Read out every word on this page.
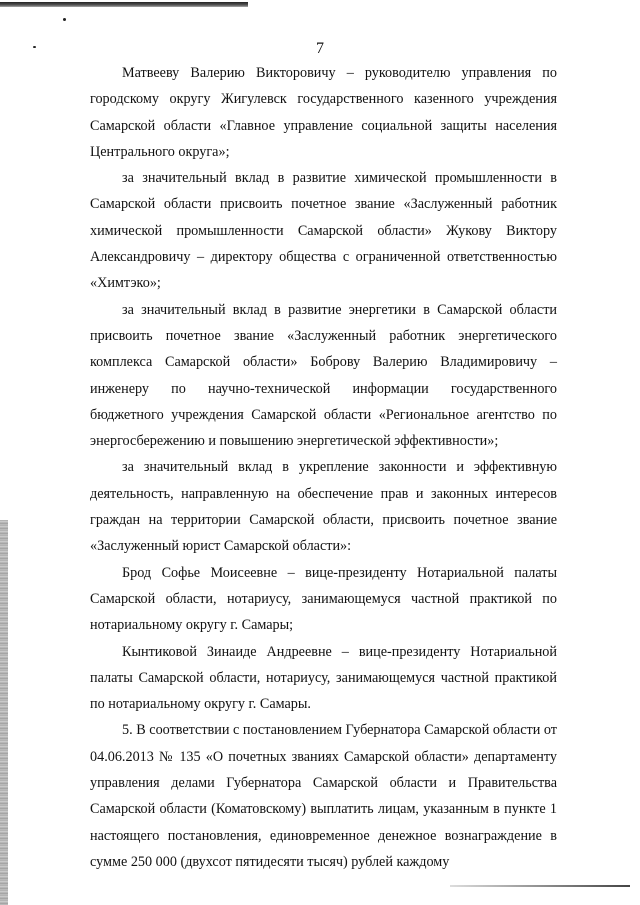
7

Матвееву Валерию Викторовичу – руководителю управления по городскому округу Жигулевск государственного казенного учреждения Самарской области «Главное управление социальной защиты населения Центрального округа»;

за значительный вклад в развитие химической промышленности в Самарской области присвоить почетное звание «Заслуженный работник химической промышленности Самарской области» Жукову Виктору Александровичу – директору общества с ограниченной ответственностью «Химтэко»;

за значительный вклад в развитие энергетики в Самарской области присвоить почетное звание «Заслуженный работник энергетического комплекса Самарской области» Боброву Валерию Владимировичу – инженеру по научно-технической информации государственного бюджетного учреждения Самарской области «Региональное агентство по энергосбережению и повышению энергетической эффективности»;

за значительный вклад в укрепление законности и эффективную деятельность, направленную на обеспечение прав и законных интересов граждан на территории Самарской области, присвоить почетное звание «Заслуженный юрист Самарской области»:

Брод Софье Моисеевне – вице-президенту Нотариальной палаты Самарской области, нотариусу, занимающемуся частной практикой по нотариальному округу г. Самары;

Кынтиковой Зинаиде Андреевне – вице-президенту Нотариальной палаты Самарской области, нотариусу, занимающемуся частной практикой по нотариальному округу г. Самары.

5. В соответствии с постановлением Губернатора Самарской области от 04.06.2013 № 135 «О почетных званиях Самарской области» департаменту управления делами Губернатора Самарской области и Правительства Самарской области (Коматовскому) выплатить лицам, указанным в пункте 1 настоящего постановления, единовременное денежное вознаграждение в сумме 250 000 (двухсот пятидесяти тысяч) рублей каждому
